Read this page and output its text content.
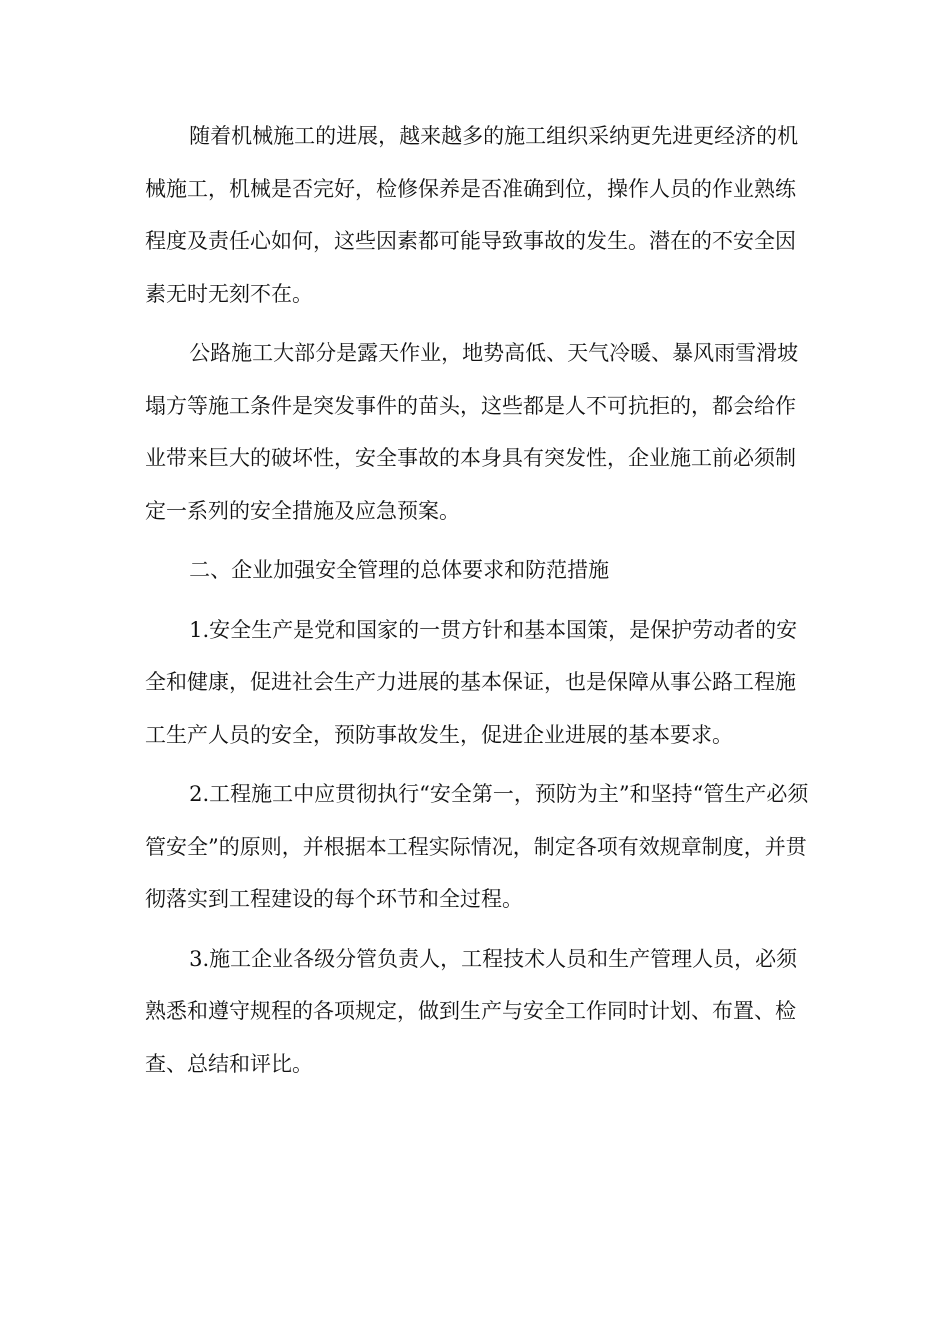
随着机械施工的进展，越来越多的施工组织采纳更先进更经济的机械施工，机械是否完好，检修保养是否准确到位，操作人员的作业熟练程度及责任心如何，这些因素都可能导致事故的发生。潜在的不安全因素无时无刻不在。

公路施工大部分是露天作业，地势高低、天气冷暖、暴风雨雪滑坡塌方等施工条件是突发事件的苗头，这些都是人不可抗拒的，都会给作业带来巨大的破坏性，安全事故的本身具有突发性，企业施工前必须制定一系列的安全措施及应急预案。

二、企业加强安全管理的总体要求和防范措施

1.安全生产是党和国家的一贯方针和基本国策，是保护劳动者的安全和健康，促进社会生产力进展的基本保证，也是保障从事公路工程施工生产人员的安全，预防事故发生，促进企业进展的基本要求。

2.工程施工中应贯彻执行“安全第一，预防为主”和坚持“管生产必须管安全”的原则，并根据本工程实际情况，制定各项有效规章制度，并贯彻落实到工程建设的每个环节和全过程。

3.施工企业各级分管负责人，工程技术人员和生产管理人员，必须熟悉和遵守规程的各项规定，做到生产与安全工作同时计划、布置、检查、总结和评比。
